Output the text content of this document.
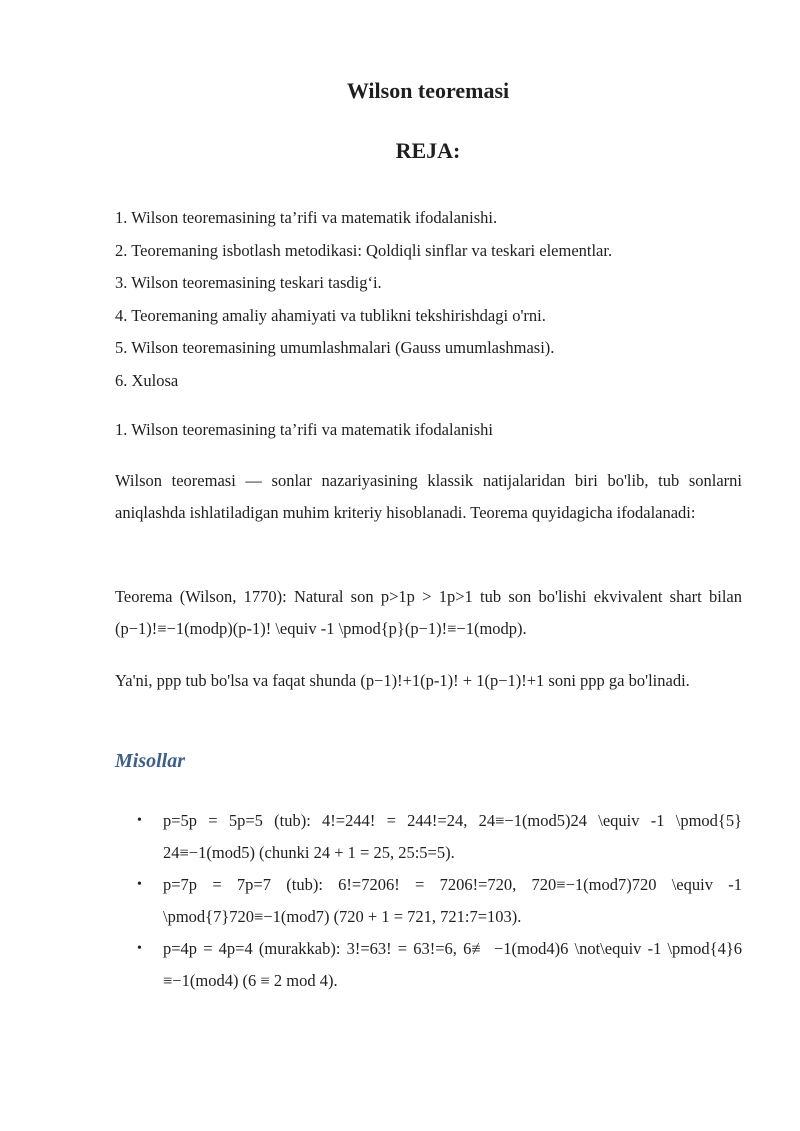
Wilson teoremasi
REJA:
1. Wilson teoremasining ta’rifi va matematik ifodalanishi.
2. Teoremaning isbotlash metodikasi: Qoldiqli sinflar va teskari elementlar.
3. Wilson teoremasining teskari tasdig‘i.
4. Teoremaning amaliy ahamiyati va tublikni tekshirishdagi o'rni.
5. Wilson teoremasining umumlashmalari (Gauss umumlashmasi).
6. Xulosa

1. Wilson teoremasining ta’rifi va matematik ifodalanishi

Wilson teoremasi — sonlar nazariyasining klassik natijalaridan biri bo'lib, tub sonlarni aniqlashda ishlatiladigan muhim kriteriy hisoblanadi. Teorema quyidagicha ifodalanadi:

Teorema (Wilson, 1770): Natural son p>1p > 1p>1 tub son bo'lishi ekvivalent shart bilan (p−1)!≡−1(modp)(p-1)! \equiv -1 \pmod{p}(p−1)!≡−1(modp).

Ya'ni, ppp tub bo'lsa va faqat shunda (p−1)!+1(p-1)! + 1(p−1)!+1 soni ppp ga bo'linadi.

Misollar
• p=5p = 5p=5 (tub): 4!=244! = 244!=24, 24≡−1(mod5)24 \equiv -1 \pmod{5} 24≡−1(mod5) (chunki 24 + 1 = 25, 25:5=5).
• p=7p = 7p=7 (tub): 6!=7206! = 7206!=720, 720≡−1(mod7)720 \equiv -1 \pmod{7}720≡−1(mod7) (720 + 1 = 721, 721:7=103).
• p=4p = 4p=4 (murakkab): 3!=63! = 63!=6, 6≢ −1(mod4)6 \not\equiv -1 \pmod{4}6 ≡−1(mod4) (6 ≡ 2 mod 4).
